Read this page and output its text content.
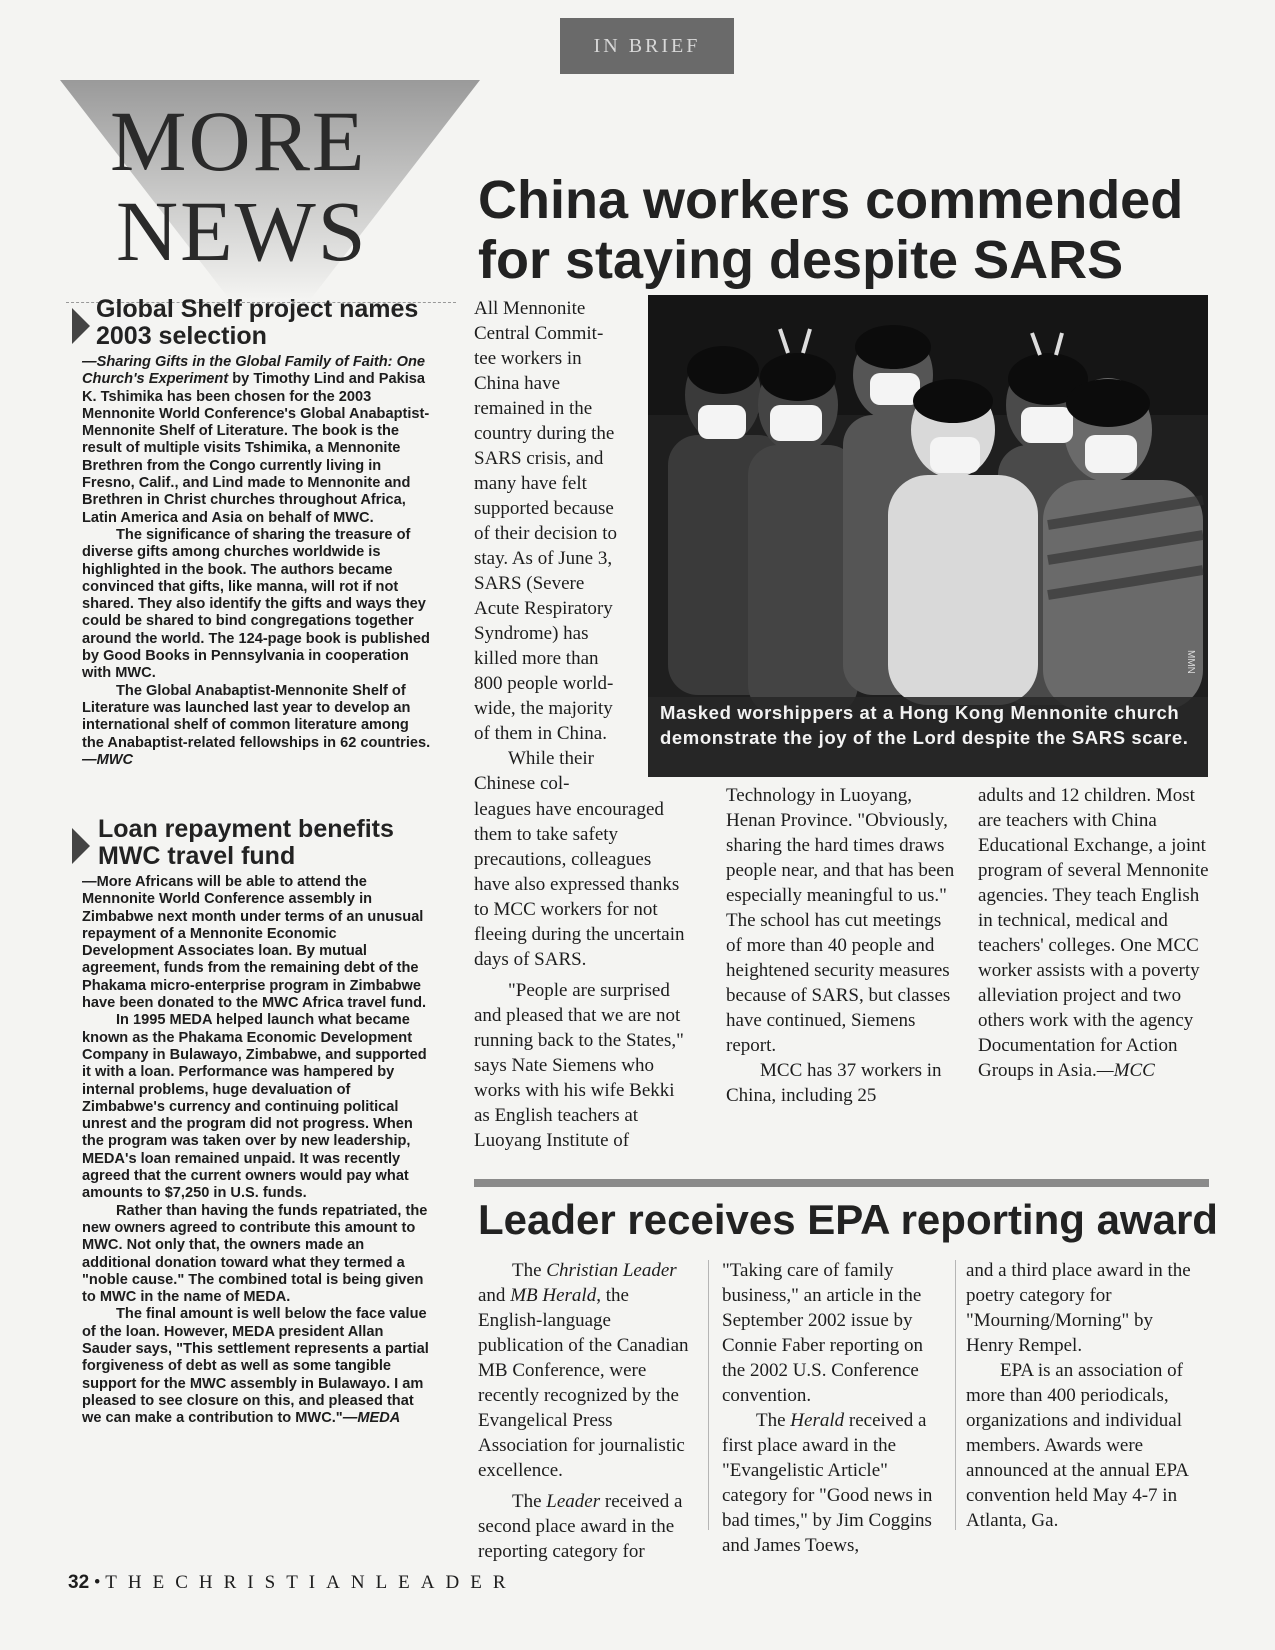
IN BRIEF
MORE
NEWS
Global Shelf project names 2003 selection

—Sharing Gifts in the Global Family of Faith: One Church's Experiment by Timothy Lind and Pakisa K. Tshimika has been chosen for the 2003 Mennonite World Conference's Global Anabaptist-Mennonite Shelf of Literature. The book is the result of multiple visits Tshimika, a Mennonite Brethren from the Congo currently living in Fresno, Calif., and Lind made to Mennonite and Brethren in Christ churches throughout Africa, Latin America and Asia on behalf of MWC.

The significance of sharing the treasure of diverse gifts among churches worldwide is highlighted in the book. The authors became convinced that gifts, like manna, will rot if not shared. They also identify the gifts and ways they could be shared to bind congregations together around the world. The 124-page book is published by Good Books in Pennsylvania in cooperation with MWC.

The Global Anabaptist-Mennonite Shelf of Literature was launched last year to develop an international shelf of common literature among the Anabaptist-related fellowships in 62 countries.—MWC

Loan repayment benefits MWC travel fund

—More Africans will be able to attend the Mennonite World Conference assembly in Zimbabwe next month under terms of an unusual repayment of a Mennonite Economic Development Associates loan. By mutual agreement, funds from the remaining debt of the Phakama micro-enterprise program in Zimbabwe have been donated to the MWC Africa travel fund.

In 1995 MEDA helped launch what became known as the Phakama Economic Development Company in Bulawayo, Zimbabwe, and supported it with a loan. Performance was hampered by internal problems, huge devaluation of Zimbabwe's currency and continuing political unrest and the program did not progress. When the program was taken over by new leadership, MEDA's loan remained unpaid. It was recently agreed that the current owners would pay what amounts to $7,250 in U.S. funds.

Rather than having the funds repatriated, the new owners agreed to contribute this amount to MWC. Not only that, the owners made an additional donation toward what they termed a "noble cause." The combined total is being given to MWC in the name of MEDA.

The final amount is well below the face value of the loan. However, MEDA president Allan Sauder says, "This settlement represents a partial forgiveness of debt as well as some tangible support for the MWC assembly in Bulawayo. I am pleased to see closure on this, and pleased that we can make a contribution to MWC."—MEDA

China workers commended for staying despite SARS
All Mennonite
Central Commit-
tee workers in
China have
remained in the
country during the
SARS crisis, and
many have felt
supported because
of their decision to
stay. As of June 3,
SARS (Severe
Acute Respiratory
Syndrome) has
killed more than
800 people world-
wide, the majority
of them in China.
While their
Chinese col-

leagues have encouraged them to take safety precautions, colleagues have also expressed thanks to MCC workers for not fleeing during the uncertain days of SARS.

"People are surprised and pleased that we are not running back to the States," says Nate Siemens who works with his wife Bekki as English teachers at Luoyang Institute of

Technology in Luoyang, Henan Province. "Obviously, sharing the hard times draws people near, and that has been especially meaningful to us." The school has cut meetings of more than 40 people and heightened security measures because of SARS, but classes have continued, Siemens report.

MCC has 37 workers in China, including 25

adults and 12 children. Most are teachers with China Educational Exchange, a joint program of several Mennonite agencies. They teach English in technical, medical and teachers' colleges. One MCC worker assists with a poverty alleviation project and two others work with the agency Documentation for Action Groups in Asia.—MCC

Masked worshippers at a Hong Kong Mennonite church demonstrate the joy of the Lord despite the SARS scare.
MMN
Leader receives EPA reporting award

The Christian Leader and MB Herald, the English-language publication of the Canadian MB Conference, were recently recognized by the Evangelical Press Association for journalistic excellence.

The Leader received a second place award in the reporting category for

"Taking care of family business," an article in the September 2002 issue by Connie Faber reporting on the 2002 U.S. Conference convention.

The Herald received a first place award in the "Evangelistic Article" category for "Good news in bad times," by Jim Coggins and James Toews,

and a third place award in the poetry category for "Mourning/Morning" by Henry Rempel.

EPA is an association of more than 400 periodicals, organizations and individual members. Awards were announced at the annual EPA convention held May 4-7 in Atlanta, Ga.

32 • THECHRISTIANLEADER
